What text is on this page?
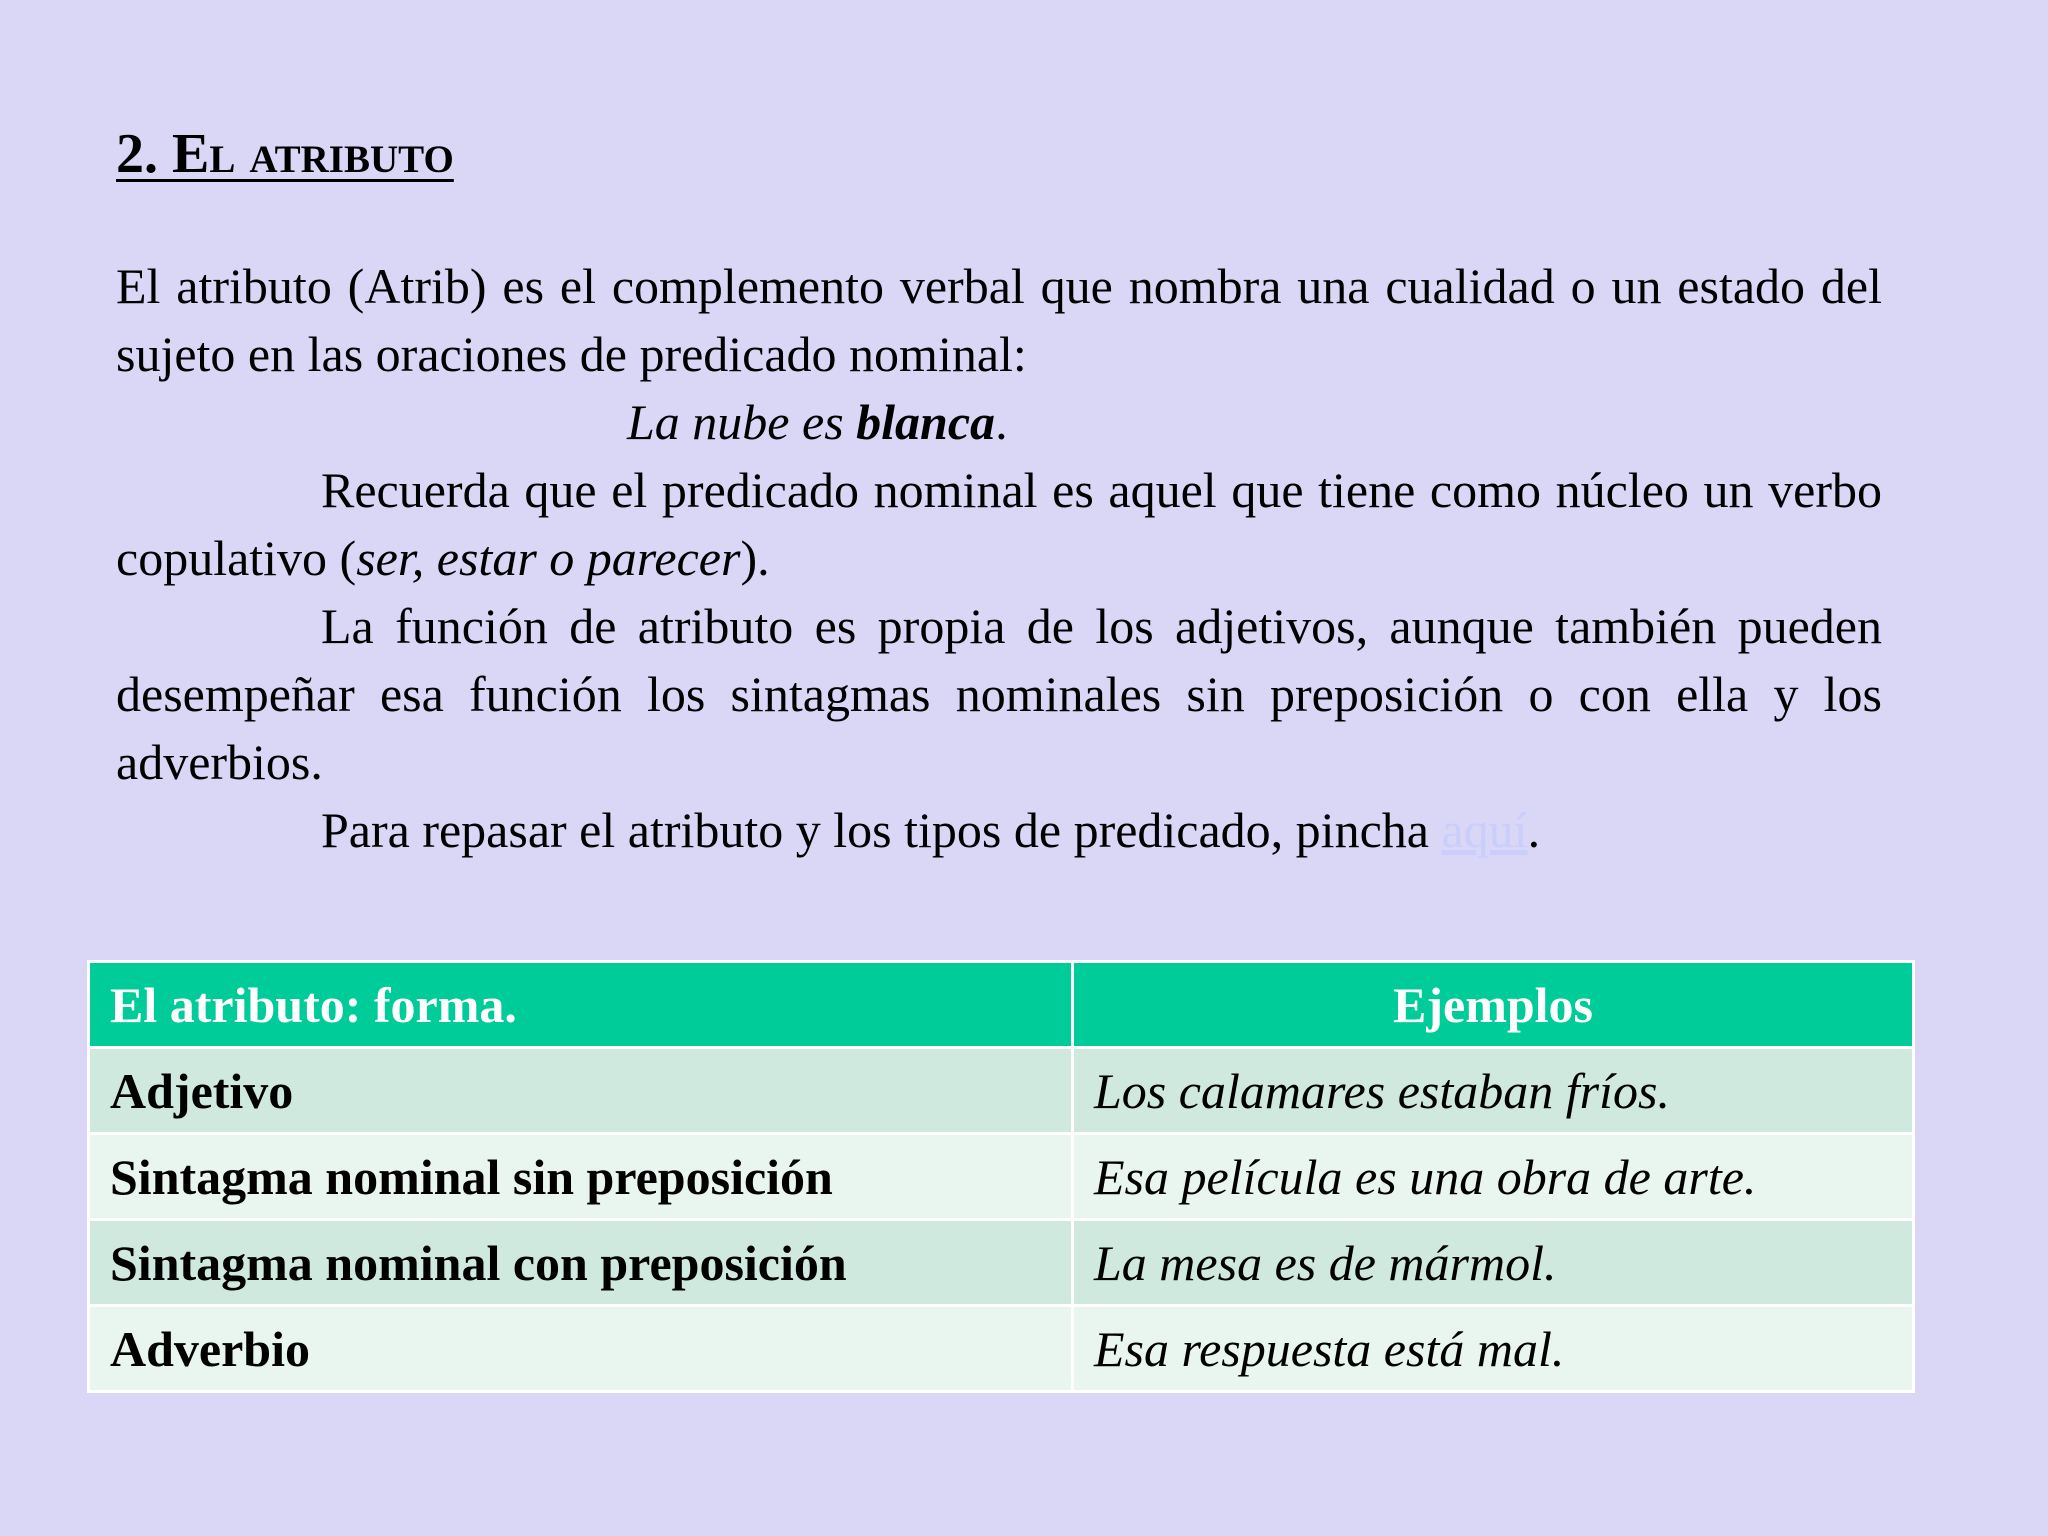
2. El atributo

El atributo (Atrib) es el complemento verbal que nombra una cualidad o un estado del sujeto en las oraciones de predicado nominal:

La nube es blanca.

Recuerda que el predicado nominal es aquel que tiene como núcleo un verbo copulativo (ser, estar o parecer).

La función de atributo es propia de los adjetivos, aunque también pueden desempeñar esa función los sintagmas nominales sin preposición o con ella y los adverbios.

Para repasar el atributo y los tipos de predicado, pincha aquí.

El atributo: forma.	Ejemplos
Adjetivo	Los calamares estaban fríos.
Sintagma nominal sin preposición	Esa película es una obra de arte.
Sintagma nominal con preposición	La mesa es de mármol.
Adverbio	Esa respuesta está mal.
